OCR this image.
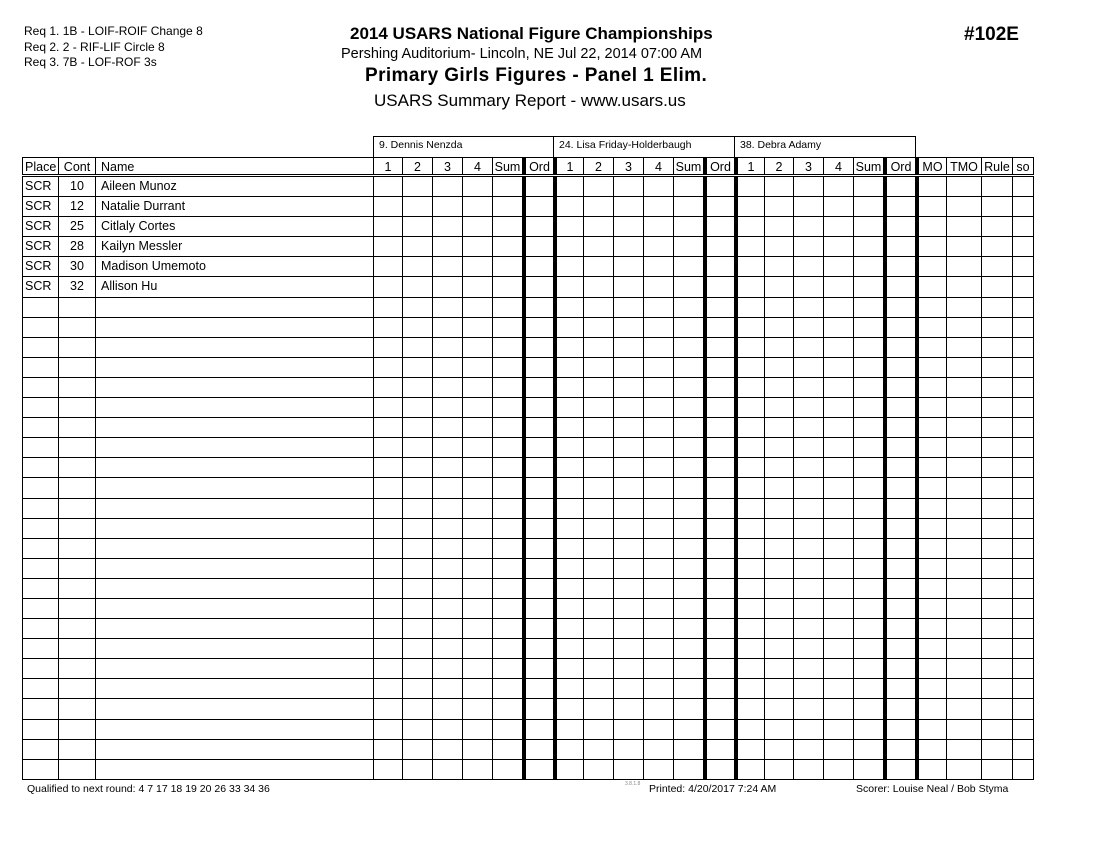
Req 1. 1B - LOIF-ROIF Change 8
Req 2. 2 - RIF-LIF Circle 8
Req 3. 7B - LOF-ROF 3s
2014 USARS National Figure Championships
Pershing Auditorium- Lincoln, NE Jul 22, 2014 07:00 AM
Primary Girls Figures - Panel 1 Elim.
USARS Summary Report - www.usars.us
#102E
9. Dennis Nenzda	24. Lisa Friday-Holderbaugh	38. Debra Adamy
Place Cont Name	1	2	3	4	Sum Ord	1	2	3	4	Sum Ord	1	2	3	4	Sum Ord MO TMO Rule so
SCR	10	Aileen Munoz
SCR	12	Natalie Durrant
SCR	25	Citlaly Cortes
SCR	28	Kailyn Messler
SCR	30	Madison Umemoto
SCR	32	Allison Hu
Qualified to next round: 4 7 17 18 19 20 26 33 34 36	3.8.1.8 Printed: 4/20/2017 7:24 AM	Scorer: Louise Neal / Bob Styma
